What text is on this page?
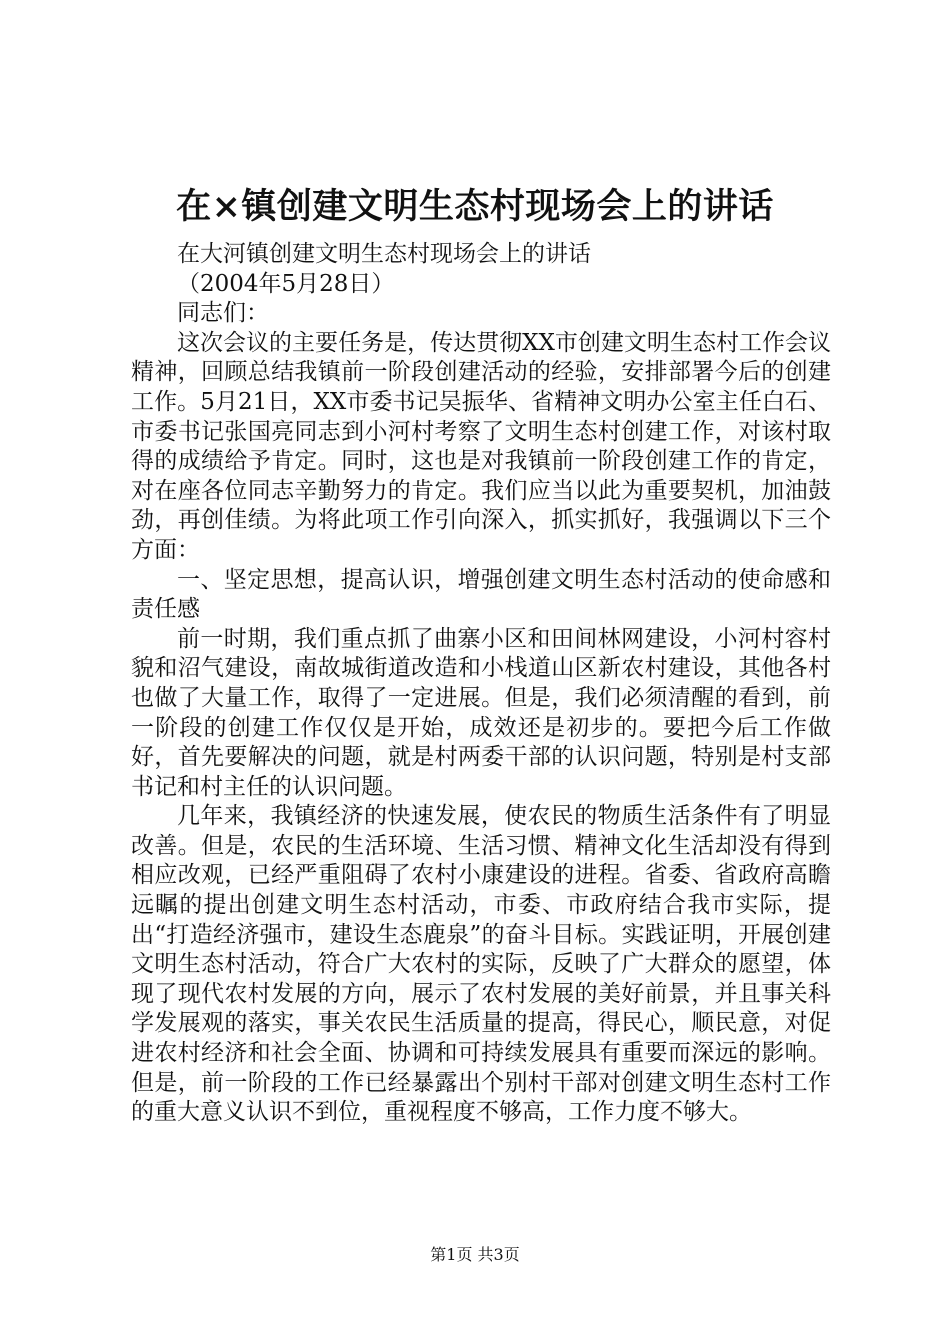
在×镇创建文明生态村现场会上的讲话

在大河镇创建文明生态村现场会上的讲话

（2004年5月28日）

同志们：

这次会议的主要任务是，传达贯彻XX市创建文明生态村工作会议精神，回顾总结我镇前一阶段创建活动的经验，安排部署今后的创建工作。5月21日，XX市委书记吴振华、省精神文明办公室主任白石、市委书记张国亮同志到小河村考察了文明生态村创建工作，对该村取得的成绩给予肯定。同时，这也是对我镇前一阶段创建工作的肯定，对在座各位同志辛勤努力的肯定。我们应当以此为重要契机，加油鼓劲，再创佳绩。为将此项工作引向深入，抓实抓好，我强调以下三个方面：

一、坚定思想，提高认识，增强创建文明生态村活动的使命感和责任感

前一时期，我们重点抓了曲寨小区和田间林网建设，小河村容村貌和沼气建设，南故城街道改造和小栈道山区新农村建设，其他各村也做了大量工作，取得了一定进展。但是，我们必须清醒的看到，前一阶段的创建工作仅仅是开始，成效还是初步的。要把今后工作做好，首先要解决的问题，就是村两委干部的认识问题，特别是村支部书记和村主任的认识问题。

几年来，我镇经济的快速发展，使农民的物质生活条件有了明显改善。但是，农民的生活环境、生活习惯、精神文化生活却没有得到相应改观，已经严重阻碍了农村小康建设的进程。省委、省政府高瞻远瞩的提出创建文明生态村活动，市委、市政府结合我市实际，提出“打造经济强市，建设生态鹿泉”的奋斗目标。实践证明，开展创建文明生态村活动，符合广大农村的实际，反映了广大群众的愿望，体现了现代农村发展的方向，展示了农村发展的美好前景，并且事关科学发展观的落实，事关农民生活质量的提高，得民心，顺民意，对促进农村经济和社会全面、协调和可持续发展具有重要而深远的影响。但是，前一阶段的工作已经暴露出个别村干部对创建文明生态村工作的重大意义认识不到位，重视程度不够高，工作力度不够大。

第1页 共3页
